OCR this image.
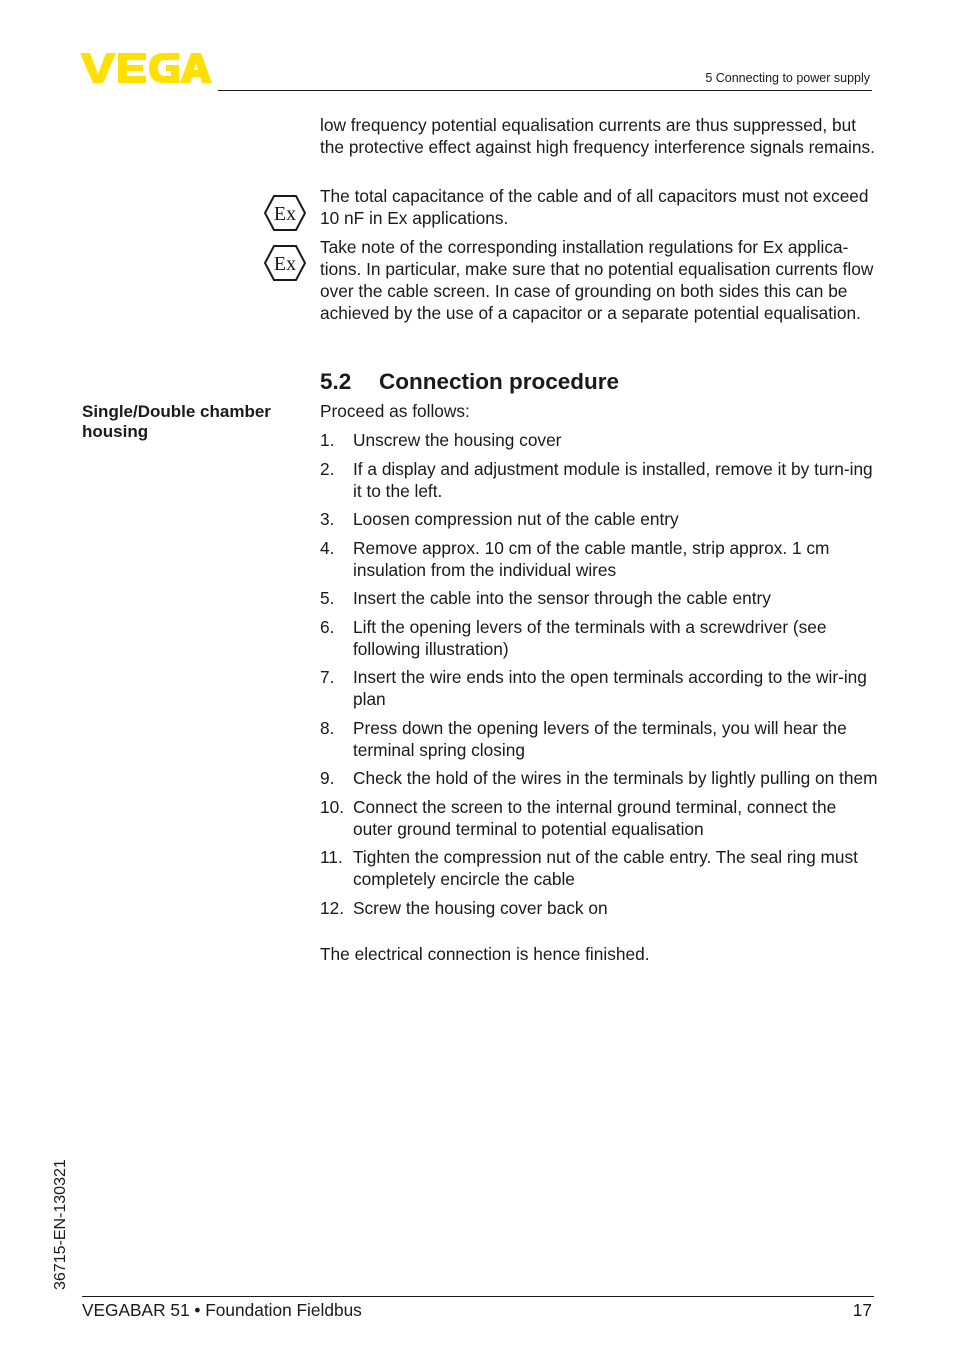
5 Connecting to power supply

low frequency potential equalisation currents are thus suppressed, but the protective effect against high frequency interference signals remains.

Ex

The total capacitance of the cable and of all capacitors must not exceed 10 nF in Ex applications.

Ex

Take note of the corresponding installation regulations for Ex applica-tions. In particular, make sure that no potential equalisation currents flow over the cable screen. In case of grounding on both sides this can be achieved by the use of a capacitor or a separate potential equalisation.

5.2 Connection procedure

Single/Double chamber housing

Proceed as follows:

1. Unscrew the housing cover
2. If a display and adjustment module is installed, remove it by turn-ing it to the left.
3. Loosen compression nut of the cable entry
4. Remove approx. 10 cm of the cable mantle, strip approx. 1 cm insulation from the individual wires
5. Insert the cable into the sensor through the cable entry
6. Lift the opening levers of the terminals with a screwdriver (see following illustration)
7. Insert the wire ends into the open terminals according to the wir-ing plan
8. Press down the opening levers of the terminals, you will hear the terminal spring closing
9. Check the hold of the wires in the terminals by lightly pulling on them
10. Connect the screen to the internal ground terminal, connect the outer ground terminal to potential equalisation
11. Tighten the compression nut of the cable entry. The seal ring must completely encircle the cable
12. Screw the housing cover back on

The electrical connection is hence finished.

36715-EN-130321
VEGABAR 51 • Foundation Fieldbus	17
